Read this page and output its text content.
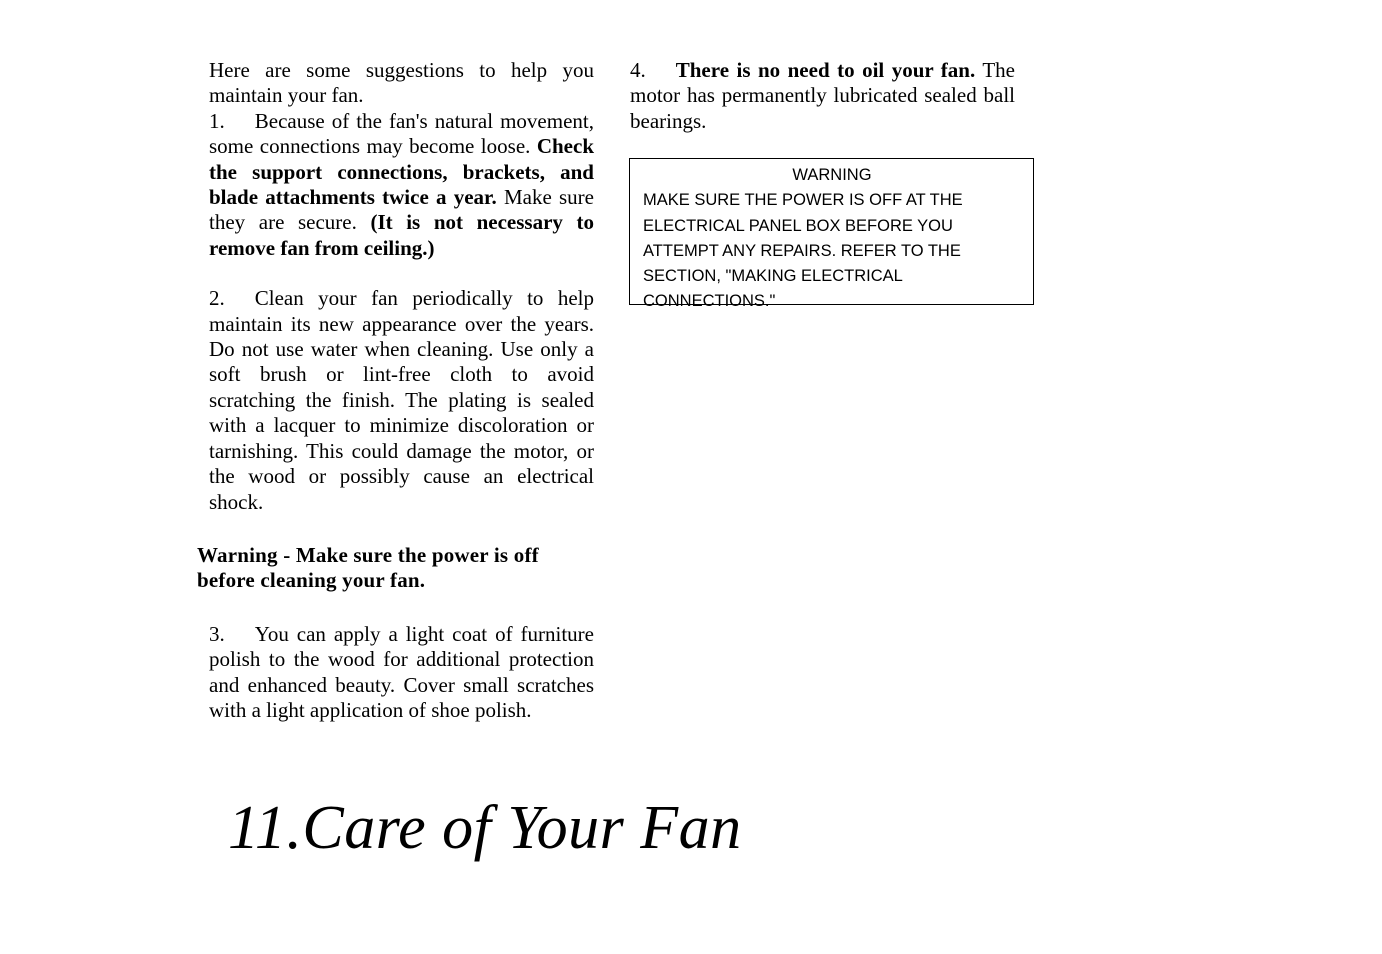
Here are some suggestions to help you maintain your fan.

1. Because of the fan's natural movement, some connections may become loose. Check the support connections, brackets, and blade attachments twice a year. Make sure they are secure. (It is not necessary to remove fan from ceiling.)

2. Clean your fan periodically to help maintain its new appearance over the years. Do not use water when cleaning. Use only a soft brush or lint-free cloth to avoid scratching the finish. The plating is sealed with a lacquer to minimize discoloration or tarnishing. This could damage the motor, or the wood or possibly cause an electrical shock.

Warning - Make sure the power is off
before cleaning your fan.

3. You can apply a light coat of furniture polish to the wood for additional protection and enhanced beauty. Cover small scratches with a light application of shoe polish.

4. There is no need to oil your fan. The motor has permanently lubricated sealed ball bearings.

WARNING
MAKE SURE THE POWER IS OFF AT THE ELECTRICAL PANEL BOX BEFORE YOU ATTEMPT ANY REPAIRS. REFER TO THE SECTION, "MAKING ELECTRICAL CONNECTIONS."
11.Care of Your Fan
